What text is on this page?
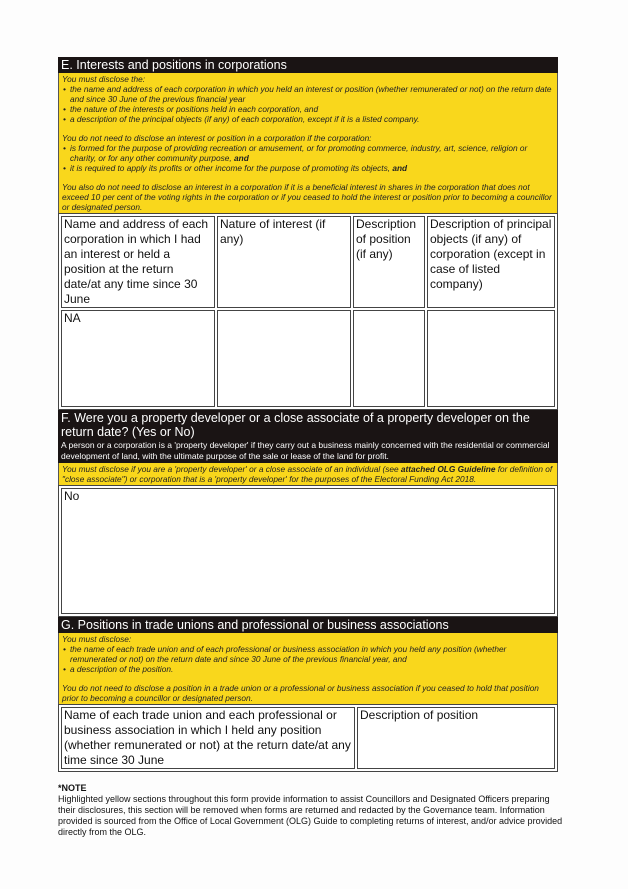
E. Interests and positions in corporations

You must disclose the:

• the name and address of each corporation in which you held an interest or position (whether remunerated or not) on the return date and since 30 June of the previous financial year
• the nature of the interests or positions held in each corporation, and
• a description of the principal objects (if any) of each corporation, except if it is a listed company.

You do not need to disclose an interest or position in a corporation if the corporation:

• is formed for the purpose of providing recreation or amusement, or for promoting commerce, industry, art, science, religion or charity, or for any other community purpose, and
• it is required to apply its profits or other income for the purpose of promoting its objects, and

You also do not need to disclose an interest in a corporation if it is a beneficial interest in shares in the corporation that does not exceed 10 per cent of the voting rights in the corporation or if you ceased to hold the interest or position prior to becoming a councillor or designated person.

Name and address of each corporation in which I had an interest or held a position at the return date/at any time since 30 June	Nature of interest (if any)	Description of position (if any)	Description of principal objects (if any) of corporation (except in case of listed company)
NA			
F. Were you a property developer or a close associate of a property developer on the return date? (Yes or No)
A person or a corporation is a 'property developer' if they carry out a business mainly concerned with the residential or commercial development of land, with the ultimate purpose of the sale or lease of the land for profit.
You must disclose if you are a 'property developer' or a close associate of an individual (see attached OLG Guideline for definition of "close associate") or corporation that is a 'property developer' for the purposes of the Electoral Funding Act 2018.
No
G. Positions in trade unions and professional or business associations

You must disclose:

• the name of each trade union and of each professional or business association in which you held any position (whether remunerated or not) on the return date and since 30 June of the previous financial year, and
• a description of the position.

You do not need to disclose a position in a trade union or a professional or business association if you ceased to hold that position prior to becoming a councillor or designated person.

Name of each trade union and each professional or business association in which I held any position (whether remunerated or not) at the return date/at any time since 30 June	Description of position
*NOTE
Highlighted yellow sections throughout this form provide information to assist Councillors and Designated Officers preparing their disclosures, this section will be removed when forms are returned and redacted by the Governance team. Information provided is sourced from the Office of Local Government (OLG) Guide to completing returns of interest, and/or advice provided directly from the OLG.
